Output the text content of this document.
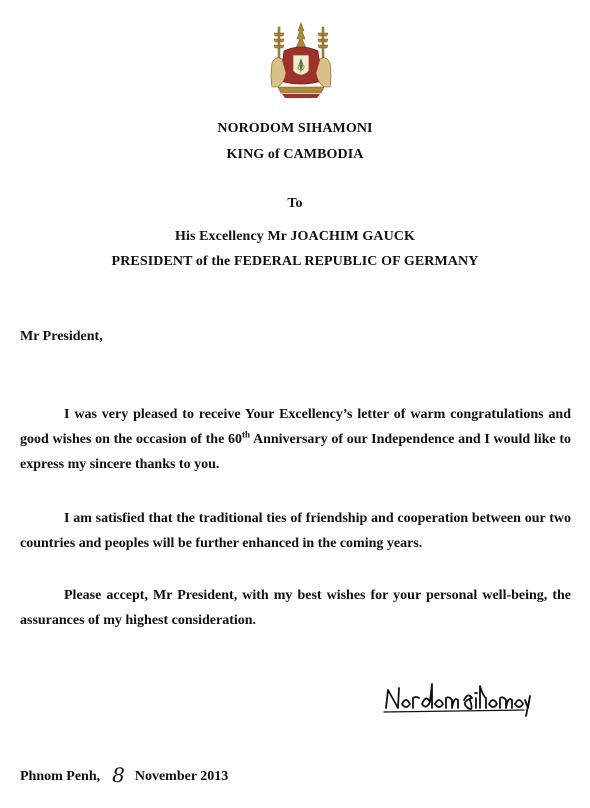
NORODOM SIHAMONI
KING of CAMBODIA
To
His Excellency Mr JOACHIM GAUCK
PRESIDENT of the FEDERAL REPUBLIC OF GERMANY
Mr President,

I was very pleased to receive Your Excellency’s letter of warm congratulations and good wishes on the occasion of the 60th Anniversary of our Independence and I would like to express my sincere thanks to you.

I am satisfied that the traditional ties of friendship and cooperation between our two countries and peoples will be further enhanced in the coming years.

Please accept, Mr President, with my best wishes for your personal well-being, the assurances of my highest consideration.

Phnom Penh, 8 November 2013
